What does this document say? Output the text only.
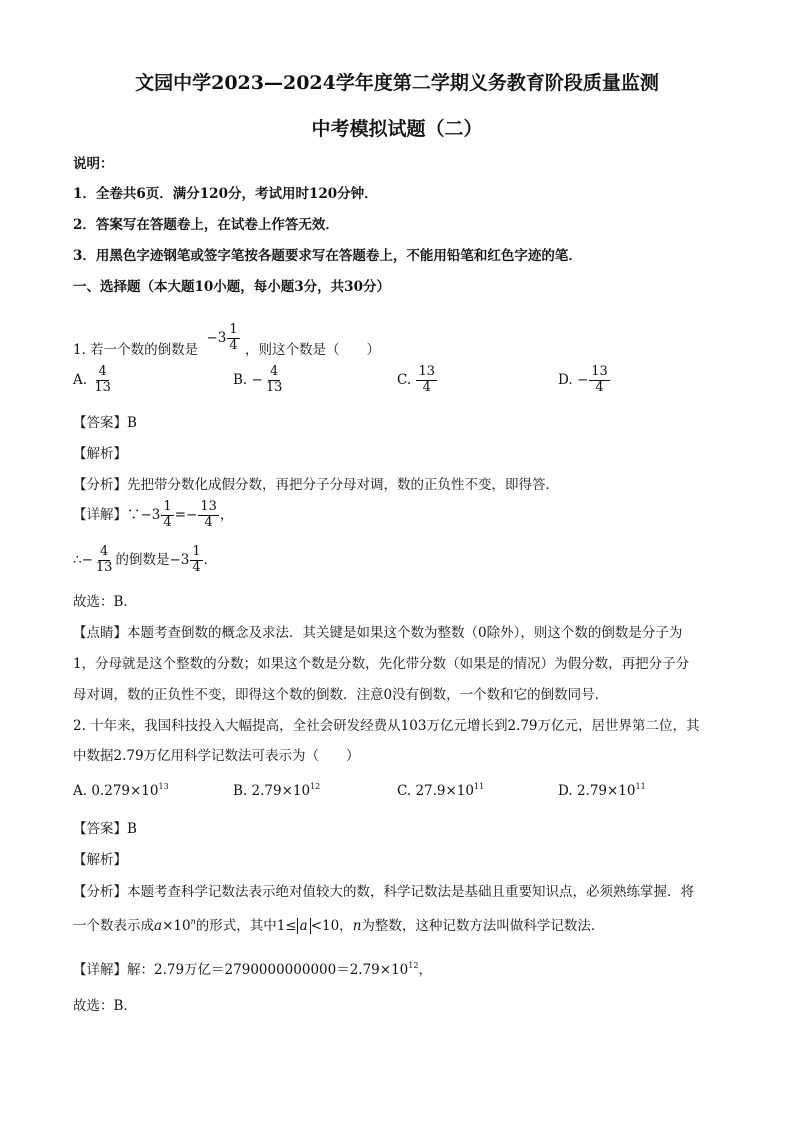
文园中学2023—2024学年度第二学期义务教育阶段质量监测
中考模拟试题（二）
说明：
1．全卷共6页．满分120分，考试用时120分钟．
2．答案写在答题卷上，在试卷上作答无效．
3．用黑色字迹钢笔或签字笔按各题要求写在答题卷上，不能用铅笔和红色字迹的笔．
一、选择题（本大题10小题，每小题3分，共30分）
1. 若一个数的倒数是 $-3 \frac{1}{4}$ ，则这个数是（　　）
A. $\frac{4}{13}$	B. − $\frac{4}{13}$	C. $\frac{13}{4}$	D. − $\frac{13}{4}$
【答案】B
【解析】
【分析】先把带分数化成假分数，再把分子分母对调，数的正负性不变，即得答．
【详解】∵−3 $\frac{1}{4} =- \frac{13}{4}$ ，
∴− $\frac{4}{13}$ 的倒数是$-3 \frac{1}{4}$ ．
故选：B．
【点睛】本题考查倒数的概念及求法．其关键是如果这个数为整数（0除外），则这个数的倒数是分子为
1，分母就是这个整数的分数；如果这个数是分数，先化带分数（如果是的情况）为假分数，再把分子分
母对调，数的正负性不变，即得这个数的倒数．注意0没有倒数，一个数和它的倒数同号．
2. 十年来，我国科技投入大幅提高，全社会研发经费从103万亿元增长到2.79万亿元，居世界第二位，其
中数据2.79万亿用科学记数法可表示为（　　）
A. $0.279\times 10^{13}$	B. $2.79\times 10^{12}$	C. $27.9\times 10^{11}$	D. $2.79\times 10^{11}$
【答案】B
【解析】
【分析】本题考查科学记数法表示绝对值较大的数，科学记数法是基础且重要知识点，必须熟练掌握．将
一个数表示成$a\times 10^n$的形式，其中1≤ a <10，n为整数，这种记数方法叫做科学记数法．
【详解】解：2.79万亿$=2790000000000=2.79\times 10^{12}$，
故选：B．
